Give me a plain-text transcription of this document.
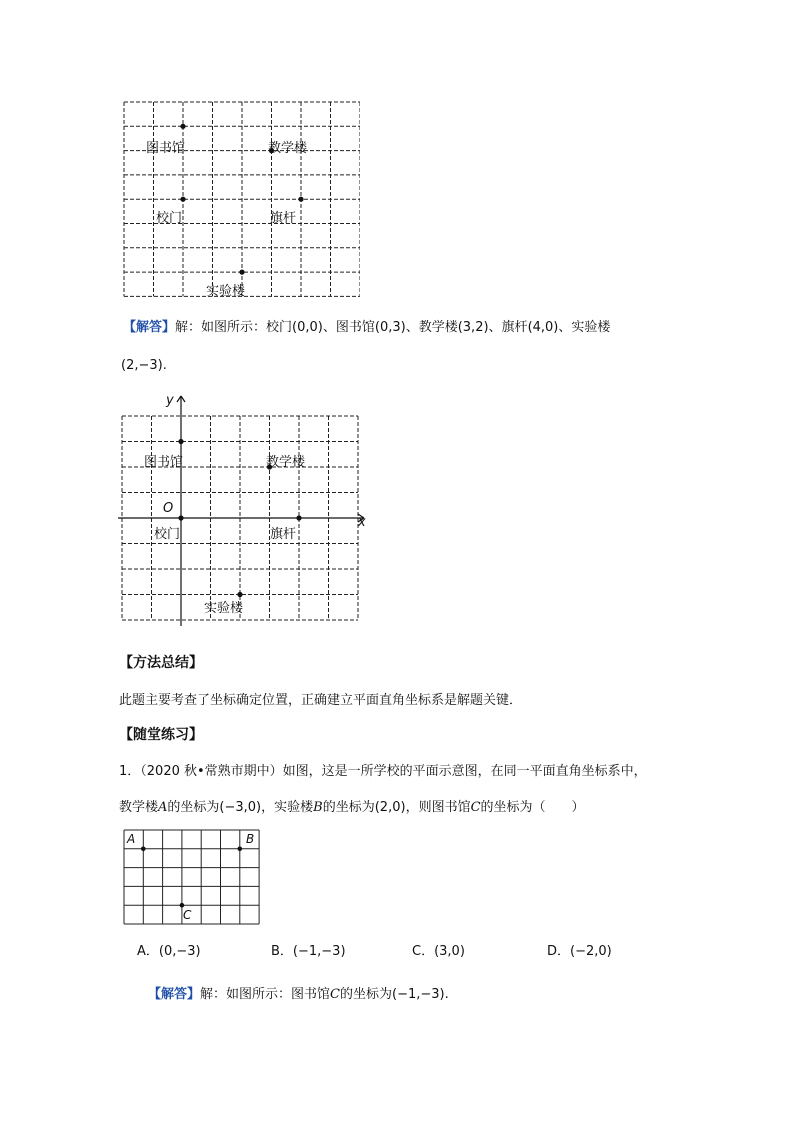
图书馆	教学楼
校门	旗杆
实验楼
【解答】解：如图所示：校门(0,0)、图书馆(0,3)、教学楼(3,2)、旗杆(4,0)、实验楼
(2,−3).
y
x
O
图书馆	教学楼
校门	旗杆
实验楼
【方法总结】
此题主要考查了坐标确定位置，正确建立平面直角坐标系是解题关键．
【随堂练习】
1．（2020 秋•常熟市期中）如图，这是一所学校的平面示意图，在同一平面直角坐标系中，
教学楼A的坐标为(−3,0)，实验楼B的坐标为(2,0)，则图书馆C的坐标为（　　）
A	B
C
A．(0,−3)	B．(−1,−3)	C．(3,0)	D．(−2,0)
【解答】解：如图所示：图书馆C的坐标为(−1,−3).
